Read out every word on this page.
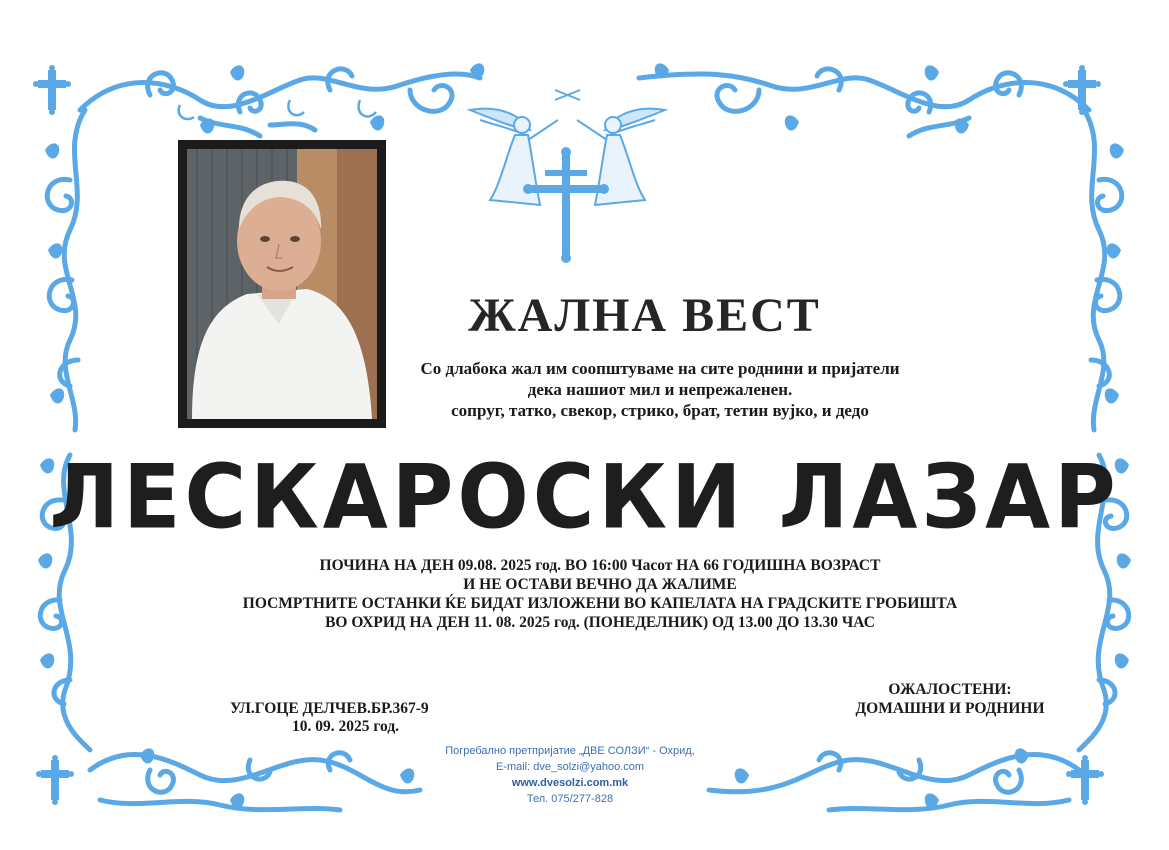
ЖАЛНА ВЕСТ
Со длабока жал им соопштуваме на сите роднини и пријатели
дека нашиот мил и непрежаленен.
сопруг, татко, свекор, стрико, брат, тетин вујко, и дедо
ЛЕСКАРОСКИ ЛАЗАР
ПОЧИНА НА ДЕН 09.08. 2025 год. ВО 16:00 Часот НА 66 ГОДИШНА ВОЗРАСТ
И НЕ ОСТАВИ ВЕЧНО ДА ЖАЛИМЕ
ПОСМРТНИТЕ ОСТАНКИ ЌЕ БИДАТ ИЗЛОЖЕНИ ВО КАПЕЛАТА НА ГРАДСКИТЕ ГРОБИШТА
ВО ОХРИД НА ДЕН 11. 08. 2025 год. (ПОНЕДЕЛНИК) ОД 13.00 ДО 13.30 ЧАС
УЛ.ГОЦЕ ДЕЛЧЕВ.БР.367-9
10. 09. 2025 год.
ОЖАЛОСТЕНИ:
ДОМАШНИ И РОДНИНИ
Погребално претпријатие „ДВЕ СОЛЗИ“ - Охрид,
E-mail: dve_solzi@yahoo.com
www.dvesolzi.com.mk
Тел. 075/277-828
